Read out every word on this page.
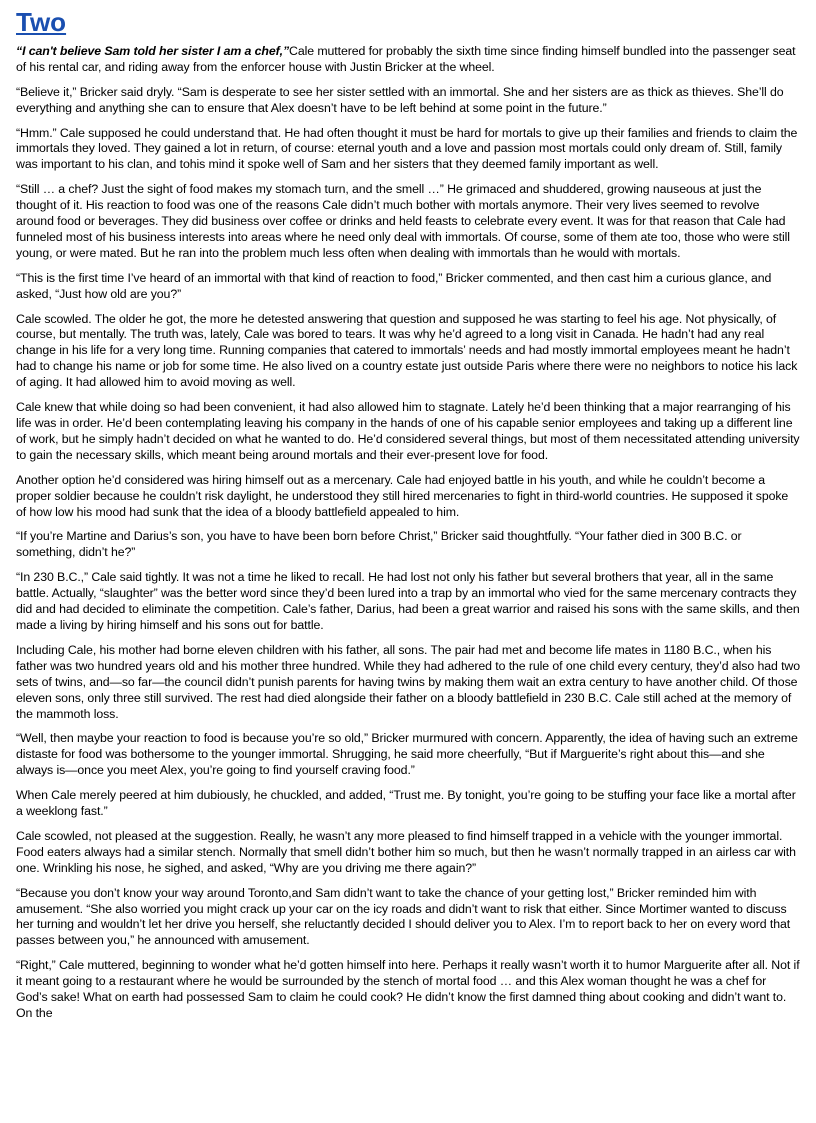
Two

“I can't believe Sam told her sister I am a chef,”Cale muttered for probably the sixth time since finding himself bundled into the passenger seat of his rental car, and riding away from the enforcer house with Justin Bricker at the wheel.

“Believe it,” Bricker said dryly. “Sam is desperate to see her sister settled with an immortal. She and her sisters are as thick as thieves. She’ll do everything and anything she can to ensure that Alex doesn’t have to be left behind at some point in the future.”

“Hmm.” Cale supposed he could understand that. He had often thought it must be hard for mortals to give up their families and friends to claim the immortals they loved. They gained a lot in return, of course: eternal youth and a love and passion most mortals could only dream of. Still, family was important to his clan, and tohis mind it spoke well of Sam and her sisters that they deemed family important as well.

“Still … a chef? Just the sight of food makes my stomach turn, and the smell …” He grimaced and shuddered, growing nauseous at just the thought of it. His reaction to food was one of the reasons Cale didn’t much bother with mortals anymore. Their very lives seemed to revolve around food or beverages. They did business over coffee or drinks and held feasts to celebrate every event. It was for that reason that Cale had funneled most of his business interests into areas where he need only deal with immortals. Of course, some of them ate too, those who were still young, or were mated. But he ran into the problem much less often when dealing with immortals than he would with mortals.

“This is the first time I’ve heard of an immortal with that kind of reaction to food,” Bricker commented, and then cast him a curious glance, and asked, “Just how old are you?”

Cale scowled. The older he got, the more he detested answering that question and supposed he was starting to feel his age. Not physically, of course, but mentally. The truth was, lately, Cale was bored to tears. It was why he’d agreed to a long visit in Canada. He hadn’t had any real change in his life for a very long time. Running companies that catered to immortals’ needs and had mostly immortal employees meant he hadn’t had to change his name or job for some time. He also lived on a country estate just outside Paris where there were no neighbors to notice his lack of aging. It had allowed him to avoid moving as well.

Cale knew that while doing so had been convenient, it had also allowed him to stagnate. Lately he’d been thinking that a major rearranging of his life was in order. He’d been contemplating leaving his company in the hands of one of his capable senior employees and taking up a different line of work, but he simply hadn’t decided on what he wanted to do. He’d considered several things, but most of them necessitated attending university to gain the necessary skills, which meant being around mortals and their ever-present love for food.

Another option he’d considered was hiring himself out as a mercenary. Cale had enjoyed battle in his youth, and while he couldn’t become a proper soldier because he couldn’t risk daylight, he understood they still hired mercenaries to fight in third-world countries. He supposed it spoke of how low his mood had sunk that the idea of a bloody battlefield appealed to him.

“If you’re Martine and Darius’s son, you have to have been born before Christ,” Bricker said thoughtfully. “Your father died in 300 B.C. or something, didn’t he?”

“In 230 B.C.,” Cale said tightly. It was not a time he liked to recall. He had lost not only his father but several brothers that year, all in the same battle. Actually, “slaughter” was the better word since they’d been lured into a trap by an immortal who vied for the same mercenary contracts they did and had decided to eliminate the competition. Cale’s father, Darius, had been a great warrior and raised his sons with the same skills, and then made a living by hiring himself and his sons out for battle.

Including Cale, his mother had borne eleven children with his father, all sons. The pair had met and become life mates in 1180 B.C., when his father was two hundred years old and his mother three hundred. While they had adhered to the rule of one child every century, they’d also had two sets of twins, and—so far—the council didn’t punish parents for having twins by making them wait an extra century to have another child. Of those eleven sons, only three still survived. The rest had died alongside their father on a bloody battlefield in 230 B.C. Cale still ached at the memory of the mammoth loss.

“Well, then maybe your reaction to food is because you’re so old,” Bricker murmured with concern. Apparently, the idea of having such an extreme distaste for food was bothersome to the younger immortal. Shrugging, he said more cheerfully, “But if Marguerite’s right about this—and she always is—once you meet Alex, you’re going to find yourself craving food.”

When Cale merely peered at him dubiously, he chuckled, and added, “Trust me. By tonight, you’re going to be stuffing your face like a mortal after a weeklong fast.”

Cale scowled, not pleased at the suggestion. Really, he wasn’t any more pleased to find himself trapped in a vehicle with the younger immortal. Food eaters always had a similar stench. Normally that smell didn’t bother him so much, but then he wasn’t normally trapped in an airless car with one. Wrinkling his nose, he sighed, and asked, “Why are you driving me there again?”

“Because you don’t know your way around Toronto,and Sam didn’t want to take the chance of your getting lost,” Bricker reminded him with amusement. “She also worried you might crack up your car on the icy roads and didn’t want to risk that either. Since Mortimer wanted to discuss her turning and wouldn’t let her drive you herself, she reluctantly decided I should deliver you to Alex. I’m to report back to her on every word that passes between you,” he announced with amusement.

“Right,” Cale muttered, beginning to wonder what he’d gotten himself into here. Perhaps it really wasn’t worth it to humor Marguerite after all. Not if it meant going to a restaurant where he would be surrounded by the stench of mortal food … and this Alex woman thought he was a chef for God’s sake! What on earth had possessed Sam to claim he could cook? He didn’t know the first damned thing about cooking and didn’t want to. On the
